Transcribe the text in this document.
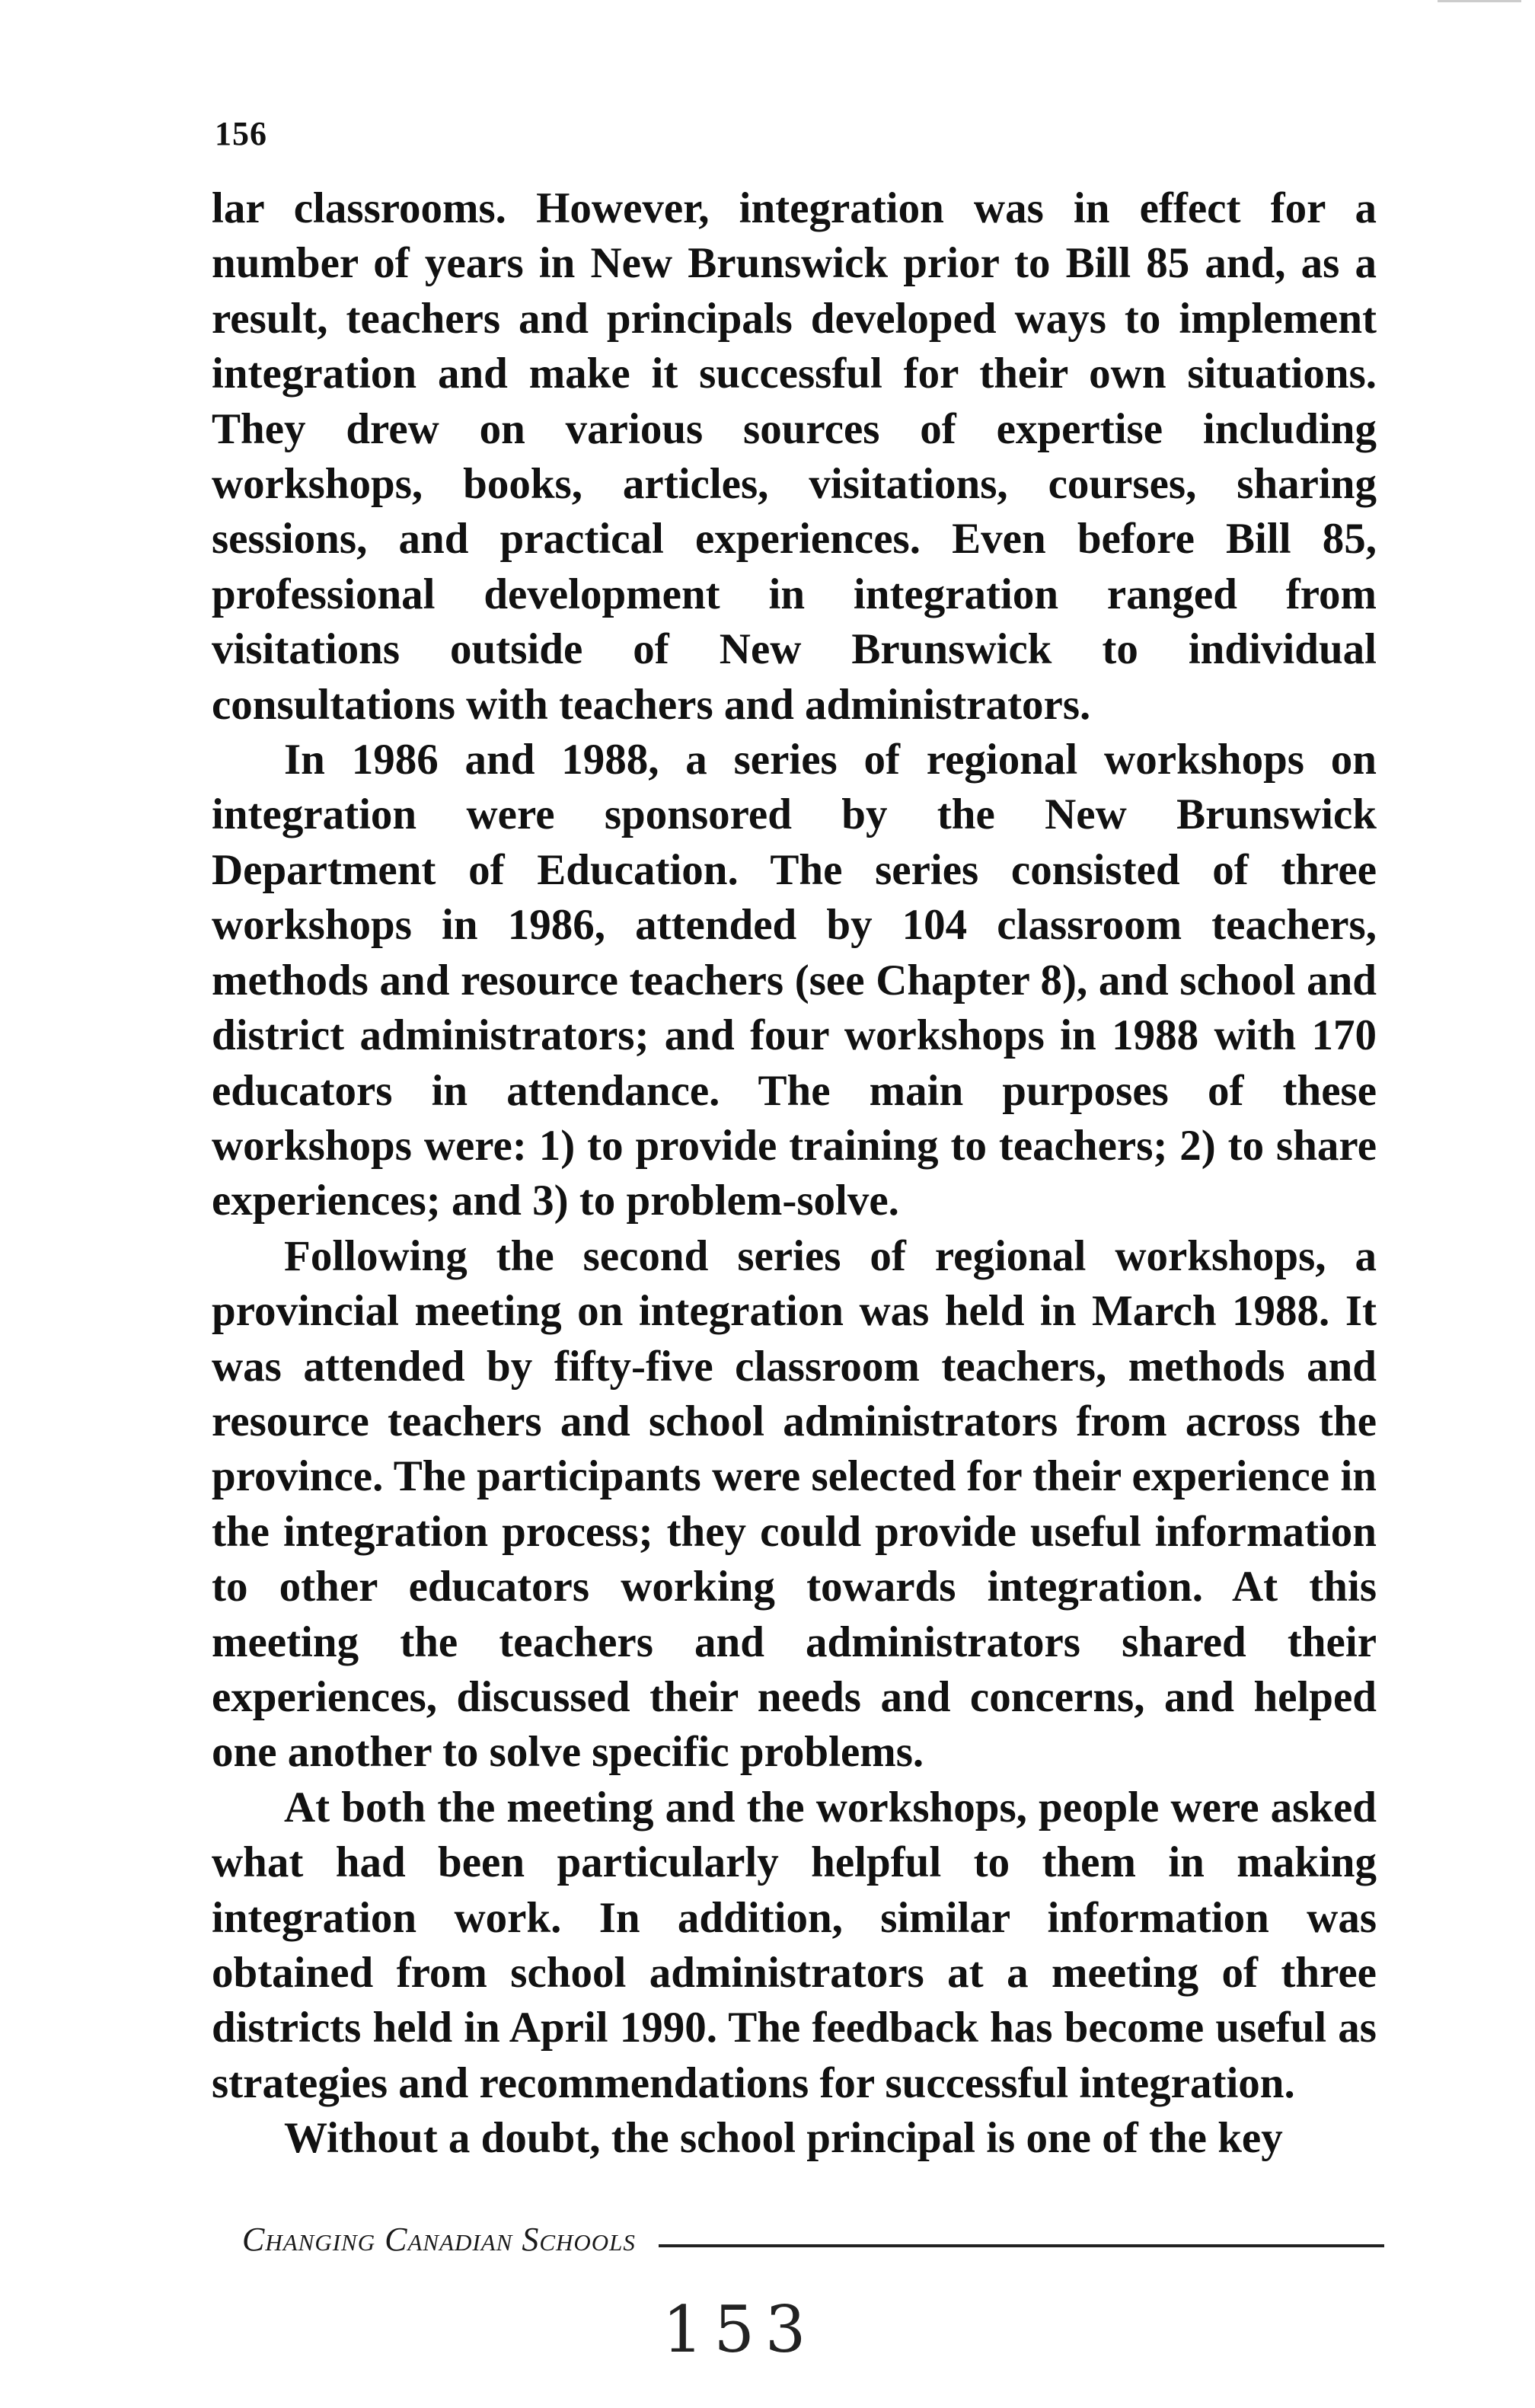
156

lar classrooms. However, integration was in effect for a number of years in New Brunswick prior to Bill 85 and, as a result, teachers and principals developed ways to implement integration and make it successful for their own situations. They drew on various sources of expertise including workshops, books, articles, visitations, courses, sharing sessions, and practical experiences. Even before Bill 85, professional development in integration ranged from visitations outside of New Brunswick to individual consultations with teachers and administrators.

In 1986 and 1988, a series of regional workshops on integration were sponsored by the New Brunswick Department of Education. The series consisted of three workshops in 1986, attended by 104 classroom teachers, methods and resource teachers (see Chapter 8), and school and district administrators; and four workshops in 1988 with 170 educators in attendance. The main purposes of these workshops were: 1) to provide training to teachers; 2) to share experiences; and 3) to problem-solve.

Following the second series of regional workshops, a provincial meeting on integration was held in March 1988. It was attended by fifty-five classroom teachers, methods and resource teachers and school administrators from across the province. The participants were selected for their experience in the integration process; they could provide useful information to other educators working towards integration. At this meeting the teachers and administrators shared their experiences, discussed their needs and concerns, and helped one another to solve specific problems.

At both the meeting and the workshops, people were asked what had been particularly helpful to them in making integration work. In addition, similar information was obtained from school administrators at a meeting of three districts held in April 1990. The feedback has become useful as strategies and recommendations for successful integration.

Without a doubt, the school principal is one of the key

Changing Canadian Schools
153
